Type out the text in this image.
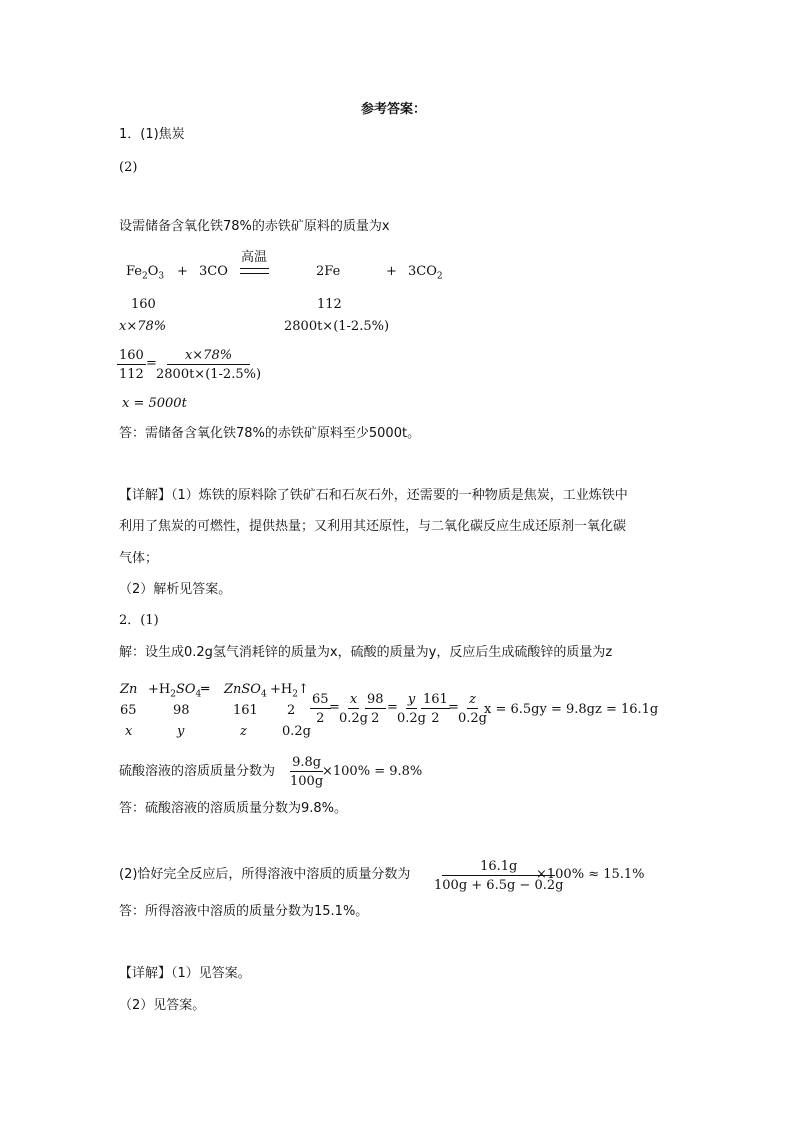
参考答案：
1．(1)焦炭
(2)
设需储备含氧化铁78%的赤铁矿原料的质量为x
$Fe_2O_3 + 3CO$
高温
2Fe	+ $3CO_2$
160	112
x×78%	2800t×(1-2.5%)
$\frac{160}{112}$ =
$\frac{x\times 78\%}{2800t\times(1-2.5\%)}$
x = 5000t
答：需储备含氧化铁78%的赤铁矿原料至少5000t。
【详解】（1）炼铁的原料除了铁矿石和石灰石外，还需要的一种物质是焦炭，工业炼铁中
利用了焦炭的可燃性，提供热量；又利用其还原性，与二氧化碳反应生成还原剂一氧化碳
气体；
（2）解析见答案。
2．(1)
解：设生成0.2g氢气消耗锌的质量为x，硫酸的质量为y，反应后生成硫酸锌的质量为z
$Zn +H_2SO_4═$ ZnSO$_4$ $+H_2↑$
65	98	161 2
x	y	z	0.2g
$\frac{65}{2}$
=
$\frac{x}{0.2g}$
$\frac{98}{2}$ =
$\frac{y}{0.2g}$
$\frac{161}{2}$
=
$\frac{z}{0.2g}$
x = 6.5gy = 9.8gz = 16.1g
硫酸溶液的溶质质量分数为 $\frac{9.8g}{100g}$
×100% = 9.8%
答：硫酸溶液的溶质质量分数为9.8%。
(2)恰好完全反应后，所得溶液中溶质的质量分数为 $\frac{16.1g}{100g + 6.5g - 0.2g}$
×100% ≈ 15.1%
答：所得溶液中溶质的质量分数为15.1%。
【详解】（1）见答案。
（2）见答案。
